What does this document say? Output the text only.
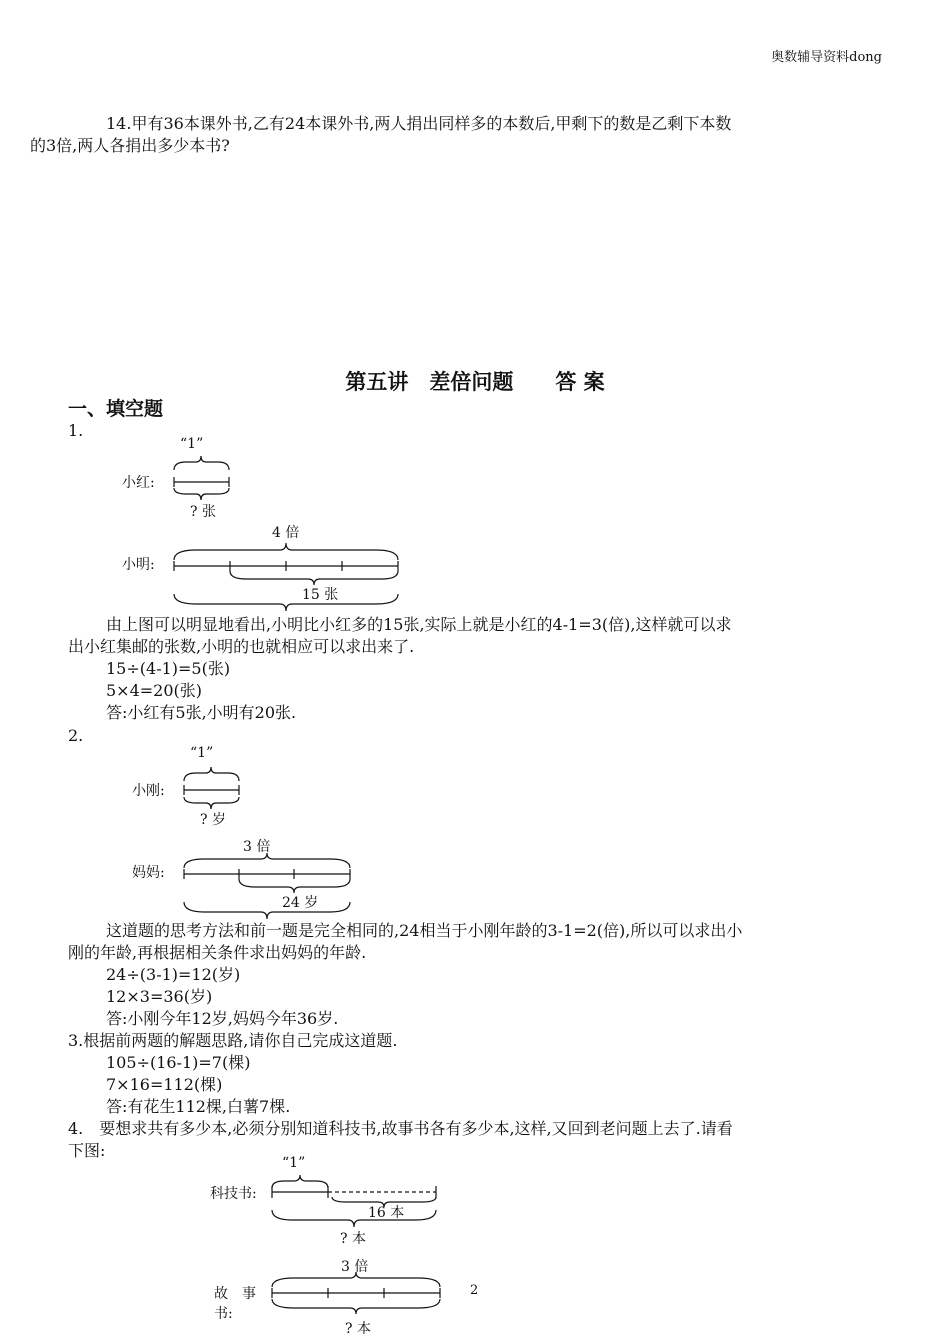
奥数辅导资料dong
14.甲有36本课外书,乙有24本课外书,两人捐出同样多的本数后,甲剩下的数是乙剩下本数
的3倍,两人各捐出多少本书?
第五讲　差倍问题　　答 案
一、填空题
1.
“1”
小红:
? 张
4 倍
小明:
15 张
由上图可以明显地看出,小明比小红多的15张,实际上就是小红的4-1=3(倍),这样就可以求
出小红集邮的张数,小明的也就相应可以求出来了.
15÷(4-1)=5(张)
5×4=20(张)
答:小红有5张,小明有20张.
2.
“1”
小刚:
? 岁
3 倍
妈妈:
24 岁
这道题的思考方法和前一题是完全相同的,24相当于小刚年龄的3-1=2(倍),所以可以求出小
刚的年龄,再根据相关条件求出妈妈的年龄.
24÷(3-1)=12(岁)
12×3=36(岁)
答:小刚今年12岁,妈妈今年36岁.
3.根据前两题的解题思路,请你自己完成这道题.
105÷(16-1)=7(棵)
7×16=112(棵)
答:有花生112棵,白薯7棵.
4.　要想求共有多少本,必须分别知道科技书,故事书各有多少本,这样,又回到老问题上去了.请看
下图:
“1”
科技书:
16 本
? 本
3 倍
故　事
书:
? 本
2
